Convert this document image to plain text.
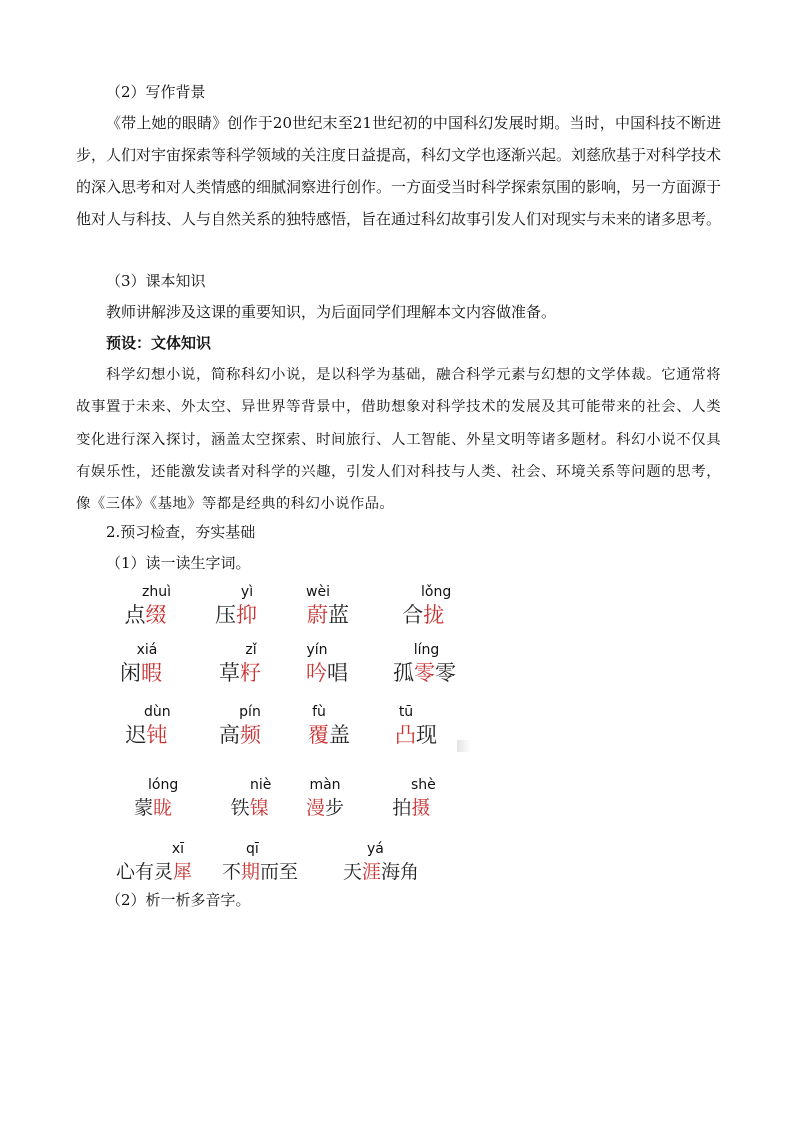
（2）写作背景
《带上她的眼睛》创作于20世纪末至21世纪初的中国科幻发展时期。当时，中国科技不断进步，人们对宇宙探索等科学领域的关注度日益提高，科幻文学也逐渐兴起。刘慈欣基于对科学技术的深入思考和对人类情感的细腻洞察进行创作。一方面受当时科学探索氛围的影响，另一方面源于他对人与科技、人与自然关系的独特感悟，旨在通过科幻故事引发人们对现实与未来的诸多思考。
（3）课本知识
教师讲解涉及这课的重要知识，为后面同学们理解本文内容做准备。
预设：文体知识
科学幻想小说，简称科幻小说，是以科学为基础，融合科学元素与幻想的文学体裁。它通常将故事置于未来、外太空、异世界等背景中，借助想象对科学技术的发展及其可能带来的社会、人类变化进行深入探讨，涵盖太空探索、时间旅行、人工智能、外星文明等诸多题材。科幻小说不仅具有娱乐性，还能激发读者对科学的兴趣，引发人们对科技与人类、社会、环境关系等问题的思考，像《三体》《基地》等都是经典的科幻小说作品。
2.预习检查，夯实基础
（1）读一读生字词。
zhuì
点缀
yì
压抑
wèi
蔚蓝
lǒng
合拢
xiá
闲暇
zǐ
草籽
yín
吟唱
líng
孤零零
dùn
迟钝
pín
高频
fù
覆盖
tū
凸现
lóng
蒙眬
niè
铁镍
màn
漫步
shè
拍摄
xī
心有灵犀
qī
不期而至
yá
天涯海角
（2）析一析多音字。
